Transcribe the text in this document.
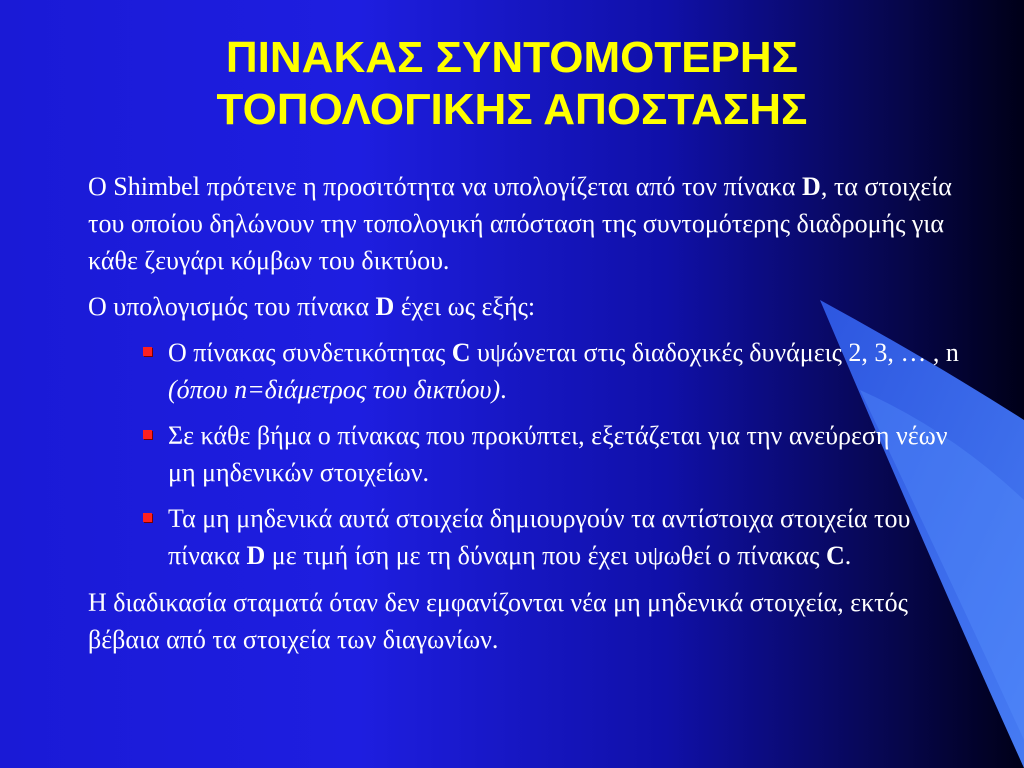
ΠΙΝΑΚΑΣ ΣΥΝΤΟΜΟΤΕΡΗΣ
ΤΟΠΟΛΟΓΙΚΗΣ ΑΠΟΣΤΑΣΗΣ

Ο Shimbel πρότεινε η προσιτότητα να υπολογίζεται από τον πίνακα D, τα στοιχεία του οποίου δηλώνουν την τοπολογική απόσταση της συντομότερης διαδρομής για κάθε ζευγάρι κόμβων του δικτύου.

Ο υπολογισμός του πίνακα D έχει ως εξής:

Ο πίνακας συνδετικότητας C υψώνεται στις διαδοχικές δυνάμεις 2, 3, … , n (όπου n=διάμετρος του δικτύου).
Σε κάθε βήμα ο πίνακας που προκύπτει, εξετάζεται για την ανεύρεση νέων μη μηδενικών στοιχείων.
Τα μη μηδενικά αυτά στοιχεία δημιουργούν τα αντίστοιχα στοιχεία του πίνακα D με τιμή ίση με τη δύναμη που έχει υψωθεί ο πίνακας C.

Η διαδικασία σταματά όταν δεν εμφανίζονται νέα μη μηδενικά στοιχεία, εκτός βέβαια από τα στοιχεία των διαγωνίων.
